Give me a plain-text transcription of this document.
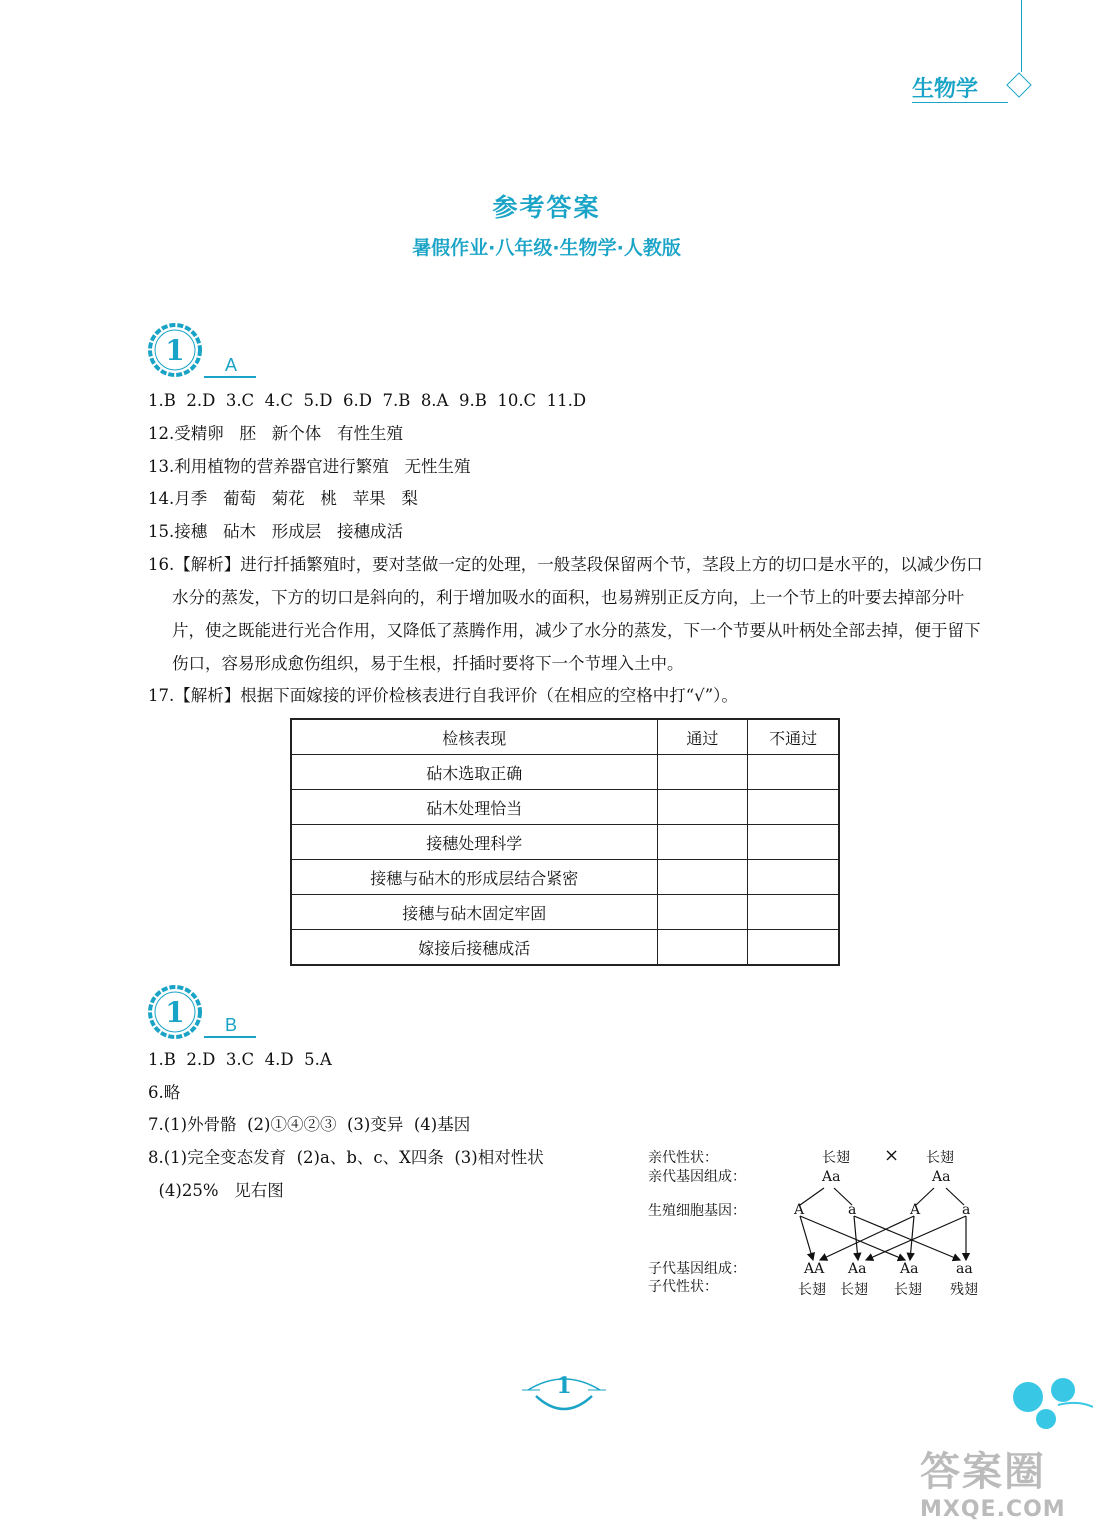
生物学
参考答案
暑假作业·八年级·生物学·人教版
1 A
1.B  2.D  3.C  4.C  5.D  6.D  7.B  8.A  9.B  10.C  11.D
12.受精卵   胚   新个体   有性生殖
13.利用植物的营养器官进行繁殖   无性生殖
14.月季   葡萄   菊花   桃   苹果   梨
15.接穗   砧木   形成层   接穗成活
16.【解析】进行扦插繁殖时，要对茎做一定的处理，一般茎段保留两个节，茎段上方的切口是水平的，以减少伤口水分的蒸发，下方的切口是斜向的，利于增加吸水的面积，也易辨别正反方向，上一个节上的叶要去掉部分叶片，使之既能进行光合作用，又降低了蒸腾作用，减少了水分的蒸发，下一个节要从叶柄处全部去掉，便于留下伤口，容易形成愈伤组织，易于生根，扦插时要将下一个节埋入土中。
17.【解析】根据下面嫁接的评价检核表进行自我评价（在相应的空格中打“√”）。
检核表现	通过	不通过
砧木选取正确		
砧木处理恰当		
接穗处理科学		
接穗与砧木的形成层结合紧密		
接穗与砧木固定牢固		
嫁接后接穗成活		
1 B
1.B  2.D  3.C  4.D  5.A
6.略
7.(1)外骨骼  (2)①④②③  (3)变异  (4)基因
8.(1)完全变态发育  (2)a、b、c、X四条  (3)相对性状
(4)25%   见右图
亲代性状：
亲代基因组成：
生殖细胞基因：
子代基因组成：
子代性状：
长翅 × 长翅
Aa	Aa
A	a	A	a
AA Aa Aa	aa
长翅 长翅 长翅 残翅
1
答案圈
MXQE.COM
